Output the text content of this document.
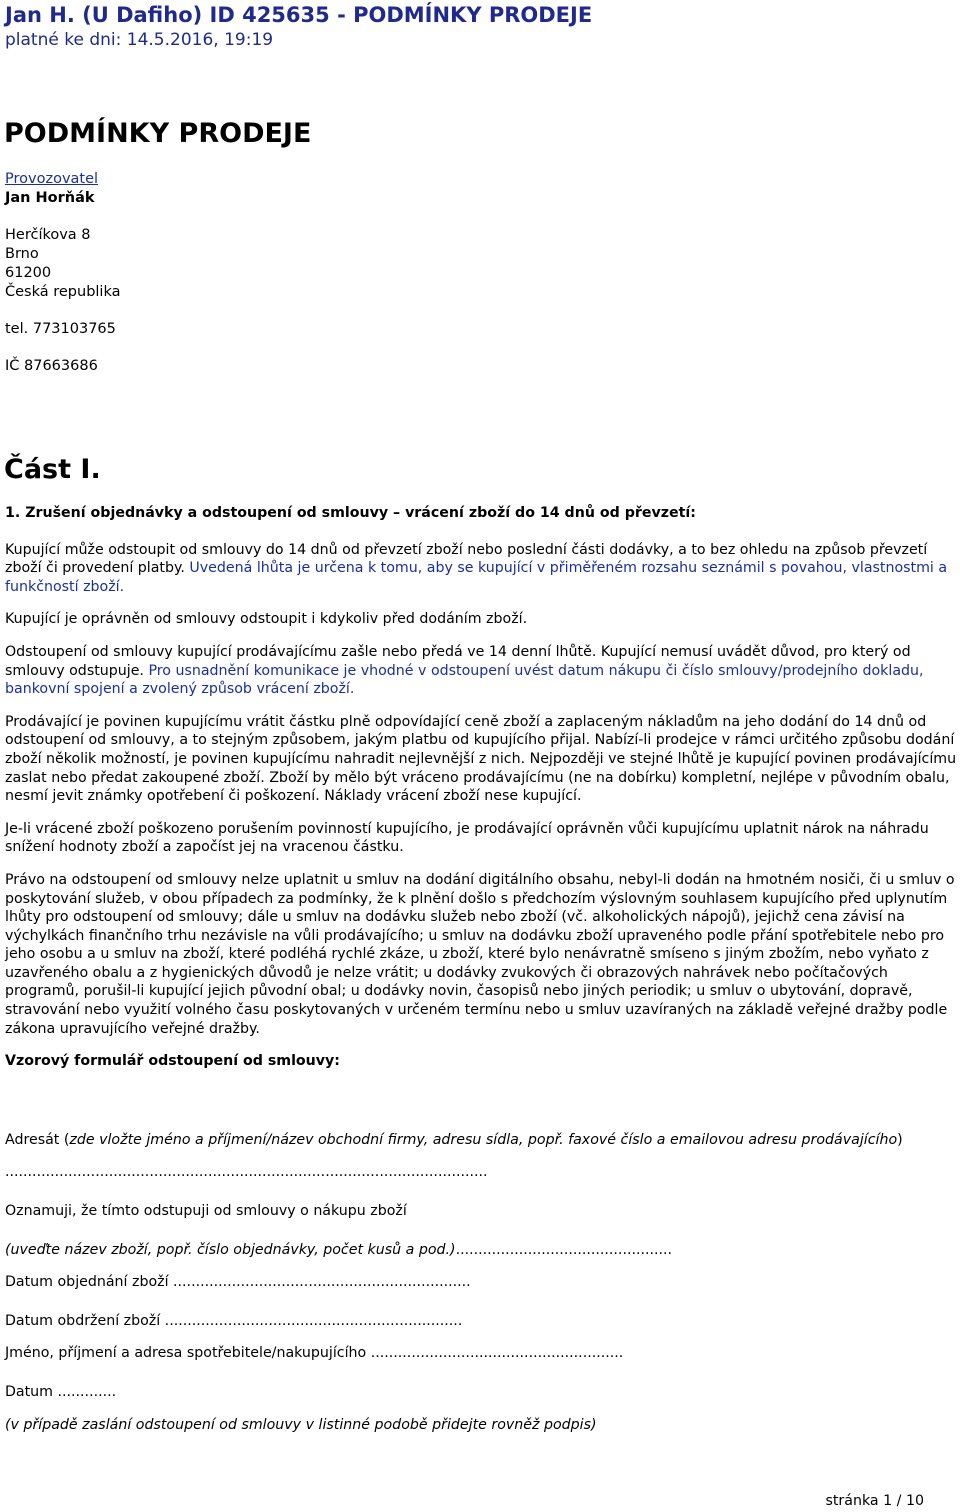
Jan H. (U Dafiho) ID 425635 - PODMÍNKY PRODEJE
platné ke dni: 14.5.2016, 19:19
PODMÍNKY PRODEJE
Provozovatel
Jan Horňák
Herčíkova 8
Brno
61200
Česká republika
tel. 773103765
IČ 87663686
Část I.

1. Zrušení objednávky a odstoupení od smlouvy – vrácení zboží do 14 dnů od převzetí:

Kupující může odstoupit od smlouvy do 14 dnů od převzetí zboží nebo poslední části dodávky, a to bez ohledu na způsob převzetí zboží či provedení platby. Uvedená lhůta je určena k tomu, aby se kupující v přiměřeném rozsahu seznámil s povahou, vlastnostmi a funkčností zboží.

Kupující je oprávněn od smlouvy odstoupit i kdykoliv před dodáním zboží.

Odstoupení od smlouvy kupující prodávajícímu zašle nebo předá ve 14 denní lhůtě. Kupující nemusí uvádět důvod, pro který od smlouvy odstupuje. Pro usnadnění komunikace je vhodné v odstoupení uvést datum nákupu či číslo smlouvy/prodejního dokladu, bankovní spojení a zvolený způsob vrácení zboží.

Prodávající je povinen kupujícímu vrátit částku plně odpovídající ceně zboží a zaplaceným nákladům na jeho dodání do 14 dnů od odstoupení od smlouvy, a to stejným způsobem, jakým platbu od kupujícího přijal. Nabízí-li prodejce v rámci určitého způsobu dodání zboží několik možností, je povinen kupujícímu nahradit nejlevnější z nich. Nejpozději ve stejné lhůtě je kupující povinen prodávajícímu zaslat nebo předat zakoupené zboží. Zboží by mělo být vráceno prodávajícímu (ne na dobírku) kompletní, nejlépe v původním obalu, nesmí jevit známky opotřebení či poškození. Náklady vrácení zboží nese kupující.

Je-li vrácené zboží poškozeno porušením povinností kupujícího, je prodávající oprávněn vůči kupujícímu uplatnit nárok na náhradu snížení hodnoty zboží a započíst jej na vracenou částku.

Právo na odstoupení od smlouvy nelze uplatnit u smluv na dodání digitálního obsahu, nebyl-li dodán na hmotném nosiči, či u smluv o poskytování služeb, v obou případech za podmínky, že k plnění došlo s předchozím výslovným souhlasem kupujícího před uplynutím lhůty pro odstoupení od smlouvy; dále u smluv na dodávku služeb nebo zboží (vč. alkoholických nápojů), jejichž cena závisí na výchylkách finančního trhu nezávisle na vůli prodávajícího; u smluv na dodávku zboží upraveného podle přání spotřebitele nebo pro jeho osobu a u smluv na zboží, které podléhá rychlé zkáze, u zboží, které bylo nenávratně smíseno s jiným zbožím, nebo vyňato z uzavřeného obalu a z hygienických důvodů je nelze vrátit; u dodávky zvukových či obrazových nahrávek nebo počítačových programů, porušil-li kupující jejich původní obal; u dodávky novin, časopisů nebo jiných periodik; u smluv o ubytování, dopravě, stravování nebo využití volného času poskytovaných v určeném termínu nebo u smluv uzavíraných na základě veřejné dražby podle zákona upravujícího veřejné dražby.

Vzorový formulář odstoupení od smlouvy:

Adresát (zde vložte jméno a příjmení/název obchodní firmy, adresu sídla, popř. faxové číslo a emailovou adresu prodávajícího)

...........................................................................................................

Oznamuji, že tímto odstupuji od smlouvy o nákupu zboží

(uveďte název zboží, popř. číslo objednávky, počet kusů a pod.)................................................

Datum objednání zboží ..................................................................

Datum obdržení zboží ..................................................................

Jméno, příjmení a adresa spotřebitele/nakupujícího ........................................................

Datum .............

(v případě zaslání odstoupení od smlouvy v listinné podobě přidejte rovněž podpis)

stránka 1 / 10
